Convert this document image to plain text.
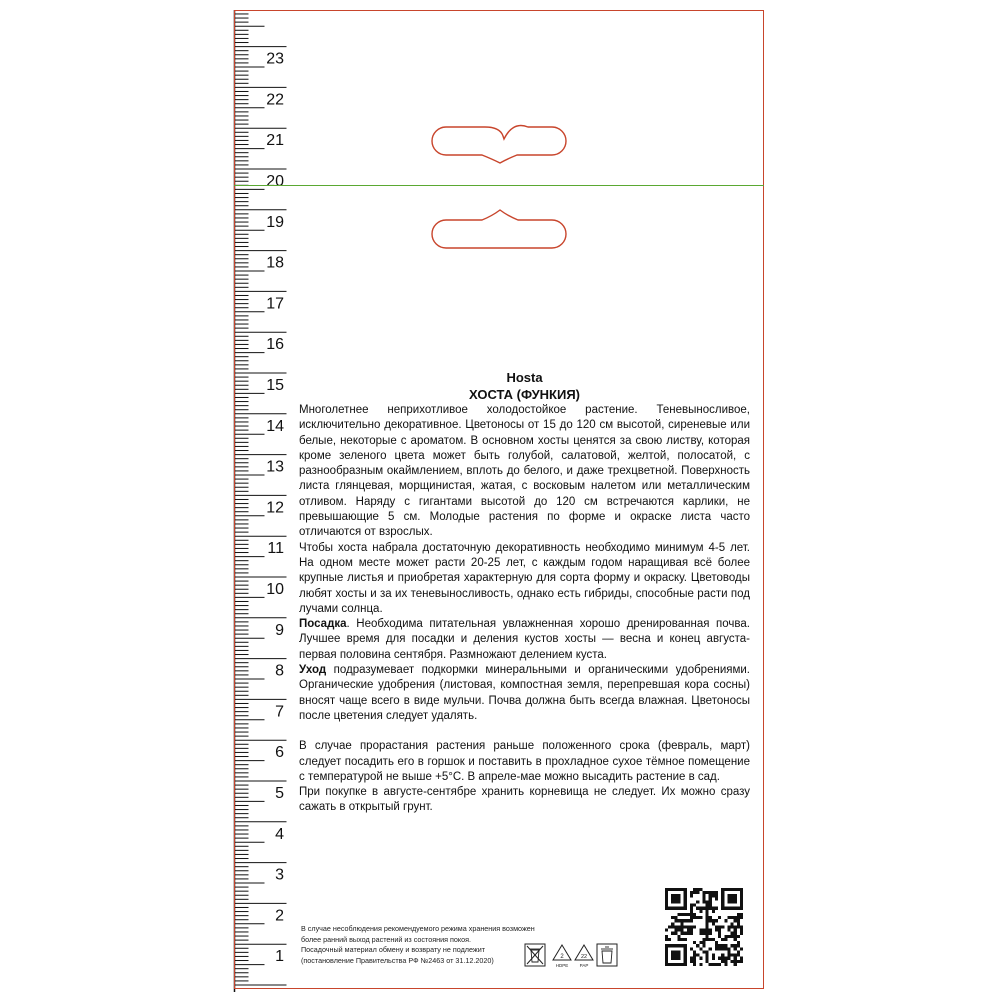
1
2
3
4
5
6
7
8
9
10
11
12
13
14
15
16
17
18
19
20
21
22
23
Hosta
ХОСТА (ФУНКИЯ)

Многолетнее неприхотливое холодостойкое растение. Теневыносливое, исключительно декоративное. Цветоносы от 15 до 120 см высотой, сиреневые или белые, некоторые с ароматом. В основном хосты ценятся за свою листву, которая кроме зеленого цвета может быть голубой, салатовой, желтой, полосатой, с разнообразным окаймлением, вплоть до белого, и даже трехцветной. Поверхность листа глянцевая, морщинистая, жатая, с восковым налетом или металлическим отливом. Наряду с гигантами высотой до 120 см встречаются карлики, не превышающие 5 см. Молодые растения по форме и окраске листа часто отличаются от взрослых.

Чтобы хоста набрала достаточную декоративность необходимо минимум 4-5 лет. На одном месте может расти 20-25 лет, с каждым годом наращивая всё более крупные листья и приобретая характерную для сорта форму и окраску. Цветоводы любят хосты и за их теневыносливость, однако есть гибриды, способные расти под лучами солнца.

Посадка. Необходима питательная увлажненная хорошо дренированная почва. Лучшее время для посадки и деления кустов хосты — весна и конец августа-первая половина сентября. Размножают делением куста.

Уход подразумевает подкормки минеральными и органическими удобрениями. Органические удобрения (листовая, компостная земля, перепревшая кора сосны) вносят чаще всего в виде мульчи. Почва должна быть всегда влажная. Цветоносы после цветения следует удалять.

В случае прорастания растения раньше положенного срока (февраль, март) следует посадить его в горшок и поставить в прохладное сухое тёмное помещение с температурой не выше +5°С. В апреле-мае можно высадить растение в сад.

При покупке в августе-сентябре хранить корневища не следует. Их можно сразу сажать в открытый грунт.

В случае несоблюдения рекомендуемого режима хранения возможен
более ранний выход растений из состояния покоя.
Посадочный материал обмену и возврату не подлежит
(постановление Правительства РФ №2463 от 31.12.2020)	2
HDPE
22
PAP
